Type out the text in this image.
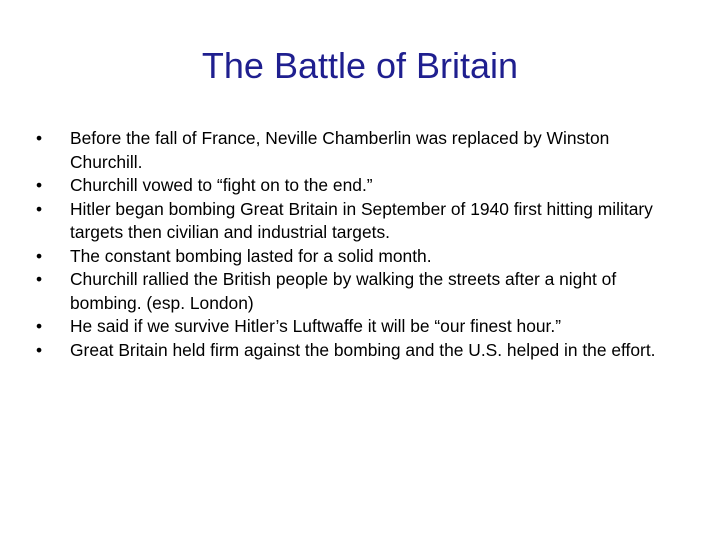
The Battle of Britain
•	Before the fall of France, Neville Chamberlin was replaced by Winston Churchill.
•	Churchill vowed to “fight on to the end.”
•	Hitler began bombing Great Britain in September of 1940 first hitting military targets then civilian and industrial targets.
•	The constant bombing lasted for a solid month.
•	Churchill rallied the British people by walking the streets after a night of bombing. (esp. London)
•	He said if we survive Hitler’s Luftwaffe it will be “our finest hour.”
•	Great Britain held firm against the bombing and the U.S. helped in the effort.
